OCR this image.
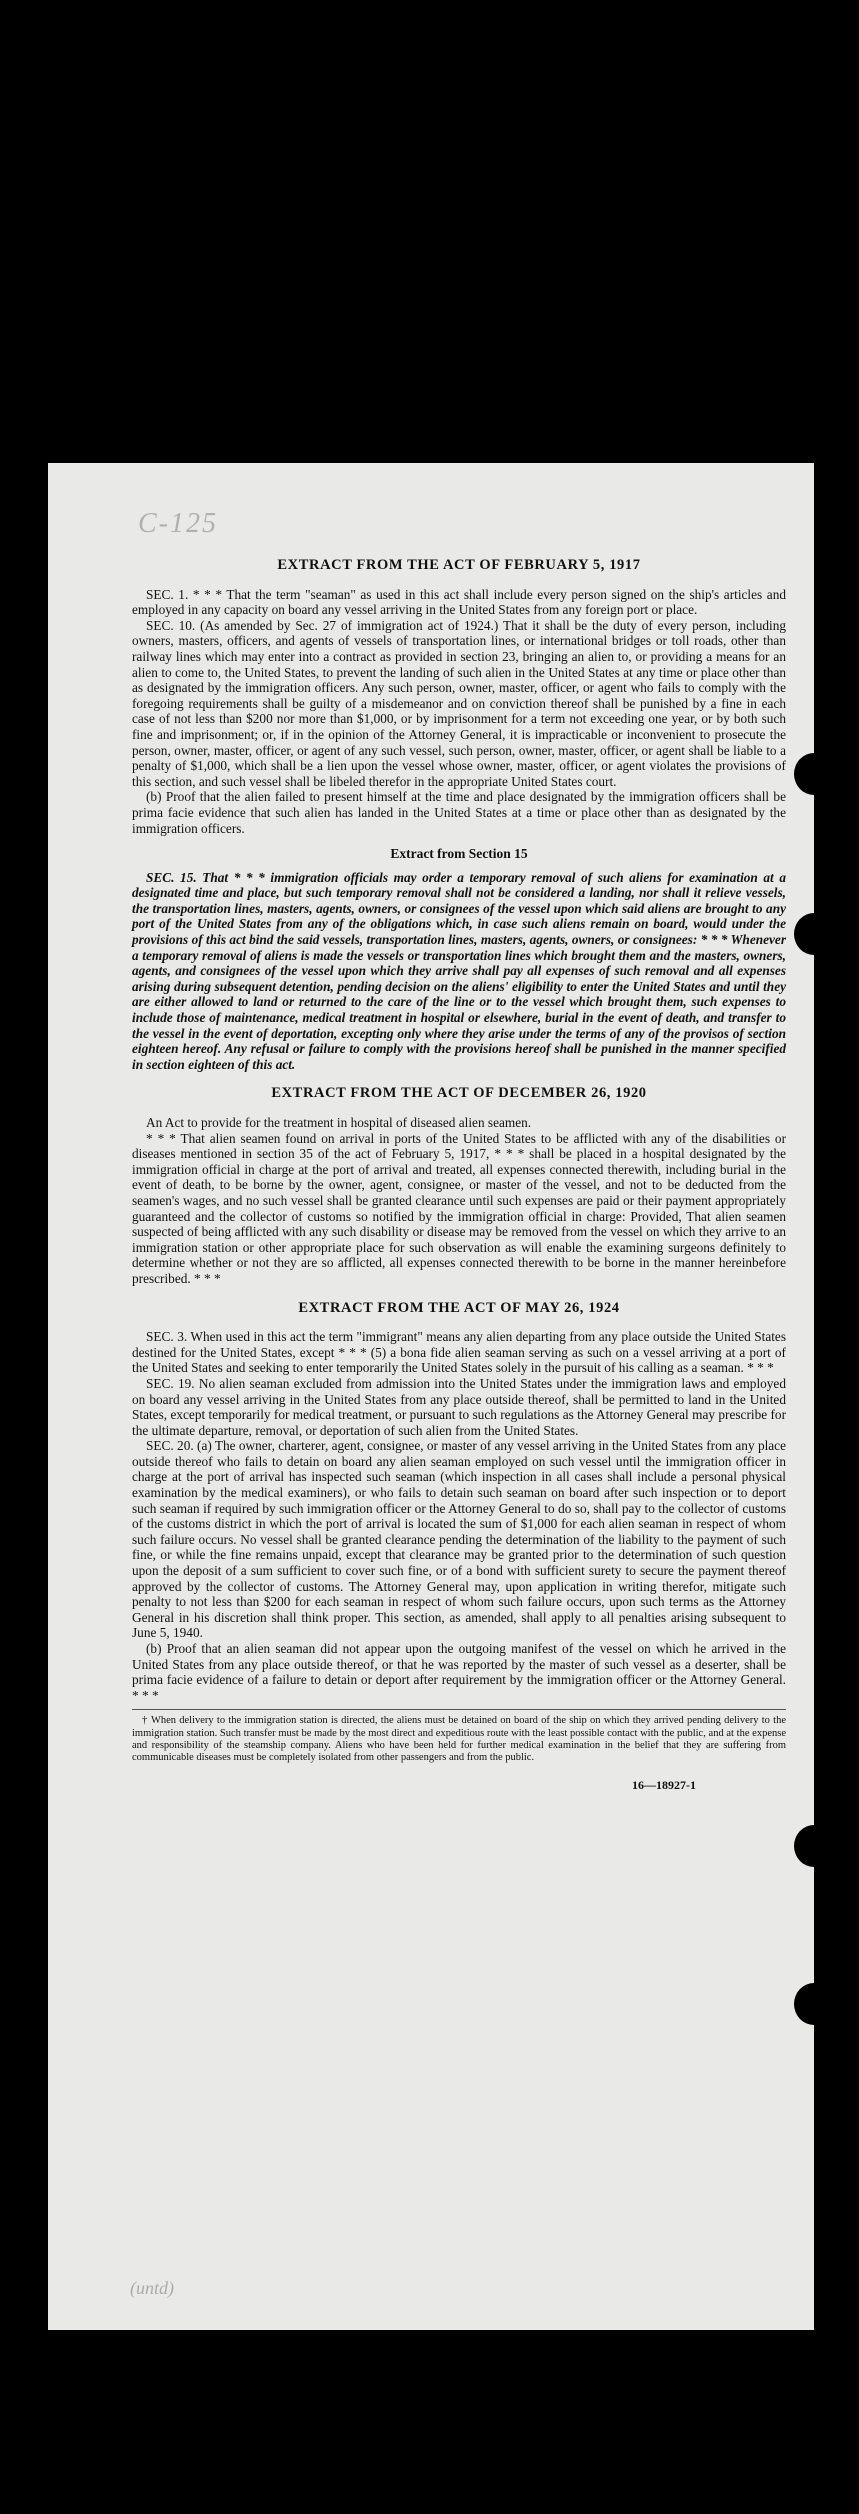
C-125
EXTRACT FROM THE ACT OF FEBRUARY 5, 1917

SEC. 1. * * * That the term "seaman" as used in this act shall include every person signed on the ship's articles and employed in any capacity on board any vessel arriving in the United States from any foreign port or place.

SEC. 10. (As amended by Sec. 27 of immigration act of 1924.) That it shall be the duty of every person, including owners, masters, officers, and agents of vessels of transportation lines, or international bridges or toll roads, other than railway lines which may enter into a contract as provided in section 23, bringing an alien to, or providing a means for an alien to come to, the United States, to prevent the landing of such alien in the United States at any time or place other than as designated by the immigration officers. Any such person, owner, master, officer, or agent who fails to comply with the foregoing requirements shall be guilty of a misdemeanor and on conviction thereof shall be punished by a fine in each case of not less than $200 nor more than $1,000, or by imprisonment for a term not exceeding one year, or by both such fine and imprisonment; or, if in the opinion of the Attorney General, it is impracticable or inconvenient to prosecute the person, owner, master, officer, or agent of any such vessel, such person, owner, master, officer, or agent shall be liable to a penalty of $1,000, which shall be a lien upon the vessel whose owner, master, officer, or agent violates the provisions of this section, and such vessel shall be libeled therefor in the appropriate United States court.

(b) Proof that the alien failed to present himself at the time and place designated by the immigration officers shall be prima facie evidence that such alien has landed in the United States at a time or place other than as designated by the immigration officers.

Extract from Section 15

SEC. 15. That * * * immigration officials may order a temporary removal of such aliens for examination at a designated time and place, but such temporary removal shall not be considered a landing, nor shall it relieve vessels, the transportation lines, masters, agents, owners, or consignees of the vessel upon which said aliens are brought to any port of the United States from any of the obligations which, in case such aliens remain on board, would under the provisions of this act bind the said vessels, transportation lines, masters, agents, owners, or consignees: * * * Whenever a temporary removal of aliens is made the vessels or transportation lines which brought them and the masters, owners, agents, and consignees of the vessel upon which they arrive shall pay all expenses of such removal and all expenses arising during subsequent detention, pending decision on the aliens' eligibility to enter the United States and until they are either allowed to land or returned to the care of the line or to the vessel which brought them, such expenses to include those of maintenance, medical treatment in hospital or elsewhere, burial in the event of death, and transfer to the vessel in the event of deportation, excepting only where they arise under the terms of any of the provisos of section eighteen hereof. Any refusal or failure to comply with the provisions hereof shall be punished in the manner specified in section eighteen of this act.

EXTRACT FROM THE ACT OF DECEMBER 26, 1920

An Act to provide for the treatment in hospital of diseased alien seamen.

* * * That alien seamen found on arrival in ports of the United States to be afflicted with any of the disabilities or diseases mentioned in section 35 of the act of February 5, 1917, * * * shall be placed in a hospital designated by the immigration official in charge at the port of arrival and treated, all expenses connected therewith, including burial in the event of death, to be borne by the owner, agent, consignee, or master of the vessel, and not to be deducted from the seamen's wages, and no such vessel shall be granted clearance until such expenses are paid or their payment appropriately guaranteed and the collector of customs so notified by the immigration official in charge: Provided, That alien seamen suspected of being afflicted with any such disability or disease may be removed from the vessel on which they arrive to an immigration station or other appropriate place for such observation as will enable the examining surgeons definitely to determine whether or not they are so afflicted, all expenses connected therewith to be borne in the manner hereinbefore prescribed. * * *

EXTRACT FROM THE ACT OF MAY 26, 1924

SEC. 3. When used in this act the term "immigrant" means any alien departing from any place outside the United States destined for the United States, except * * * (5) a bona fide alien seaman serving as such on a vessel arriving at a port of the United States and seeking to enter temporarily the United States solely in the pursuit of his calling as a seaman. * * *

SEC. 19. No alien seaman excluded from admission into the United States under the immigration laws and employed on board any vessel arriving in the United States from any place outside thereof, shall be permitted to land in the United States, except temporarily for medical treatment, or pursuant to such regulations as the Attorney General may prescribe for the ultimate departure, removal, or deportation of such alien from the United States.

SEC. 20. (a) The owner, charterer, agent, consignee, or master of any vessel arriving in the United States from any place outside thereof who fails to detain on board any alien seaman employed on such vessel until the immigration officer in charge at the port of arrival has inspected such seaman (which inspection in all cases shall include a personal physical examination by the medical examiners), or who fails to detain such seaman on board after such inspection or to deport such seaman if required by such immigration officer or the Attorney General to do so, shall pay to the collector of customs of the customs district in which the port of arrival is located the sum of $1,000 for each alien seaman in respect of whom such failure occurs. No vessel shall be granted clearance pending the determination of the liability to the payment of such fine, or while the fine remains unpaid, except that clearance may be granted prior to the determination of such question upon the deposit of a sum sufficient to cover such fine, or of a bond with sufficient surety to secure the payment thereof approved by the collector of customs. The Attorney General may, upon application in writing therefor, mitigate such penalty to not less than $200 for each seaman in respect of whom such failure occurs, upon such terms as the Attorney General in his discretion shall think proper. This section, as amended, shall apply to all penalties arising subsequent to June 5, 1940.

(b) Proof that an alien seaman did not appear upon the outgoing manifest of the vessel on which he arrived in the United States from any place outside thereof, or that he was reported by the master of such vessel as a deserter, shall be prima facie evidence of a failure to detain or deport after requirement by the immigration officer or the Attorney General. * * *

† When delivery to the immigration station is directed, the aliens must be detained on board of the ship on which they arrived pending delivery to the immigration station. Such transfer must be made by the most direct and expeditious route with the least possible contact with the public, and at the expense and responsibility of the steamship company. Aliens who have been held for further medical examination in the belief that they are suffering from communicable diseases must be completely isolated from other passengers and from the public.

16—18927-1
(untd)
